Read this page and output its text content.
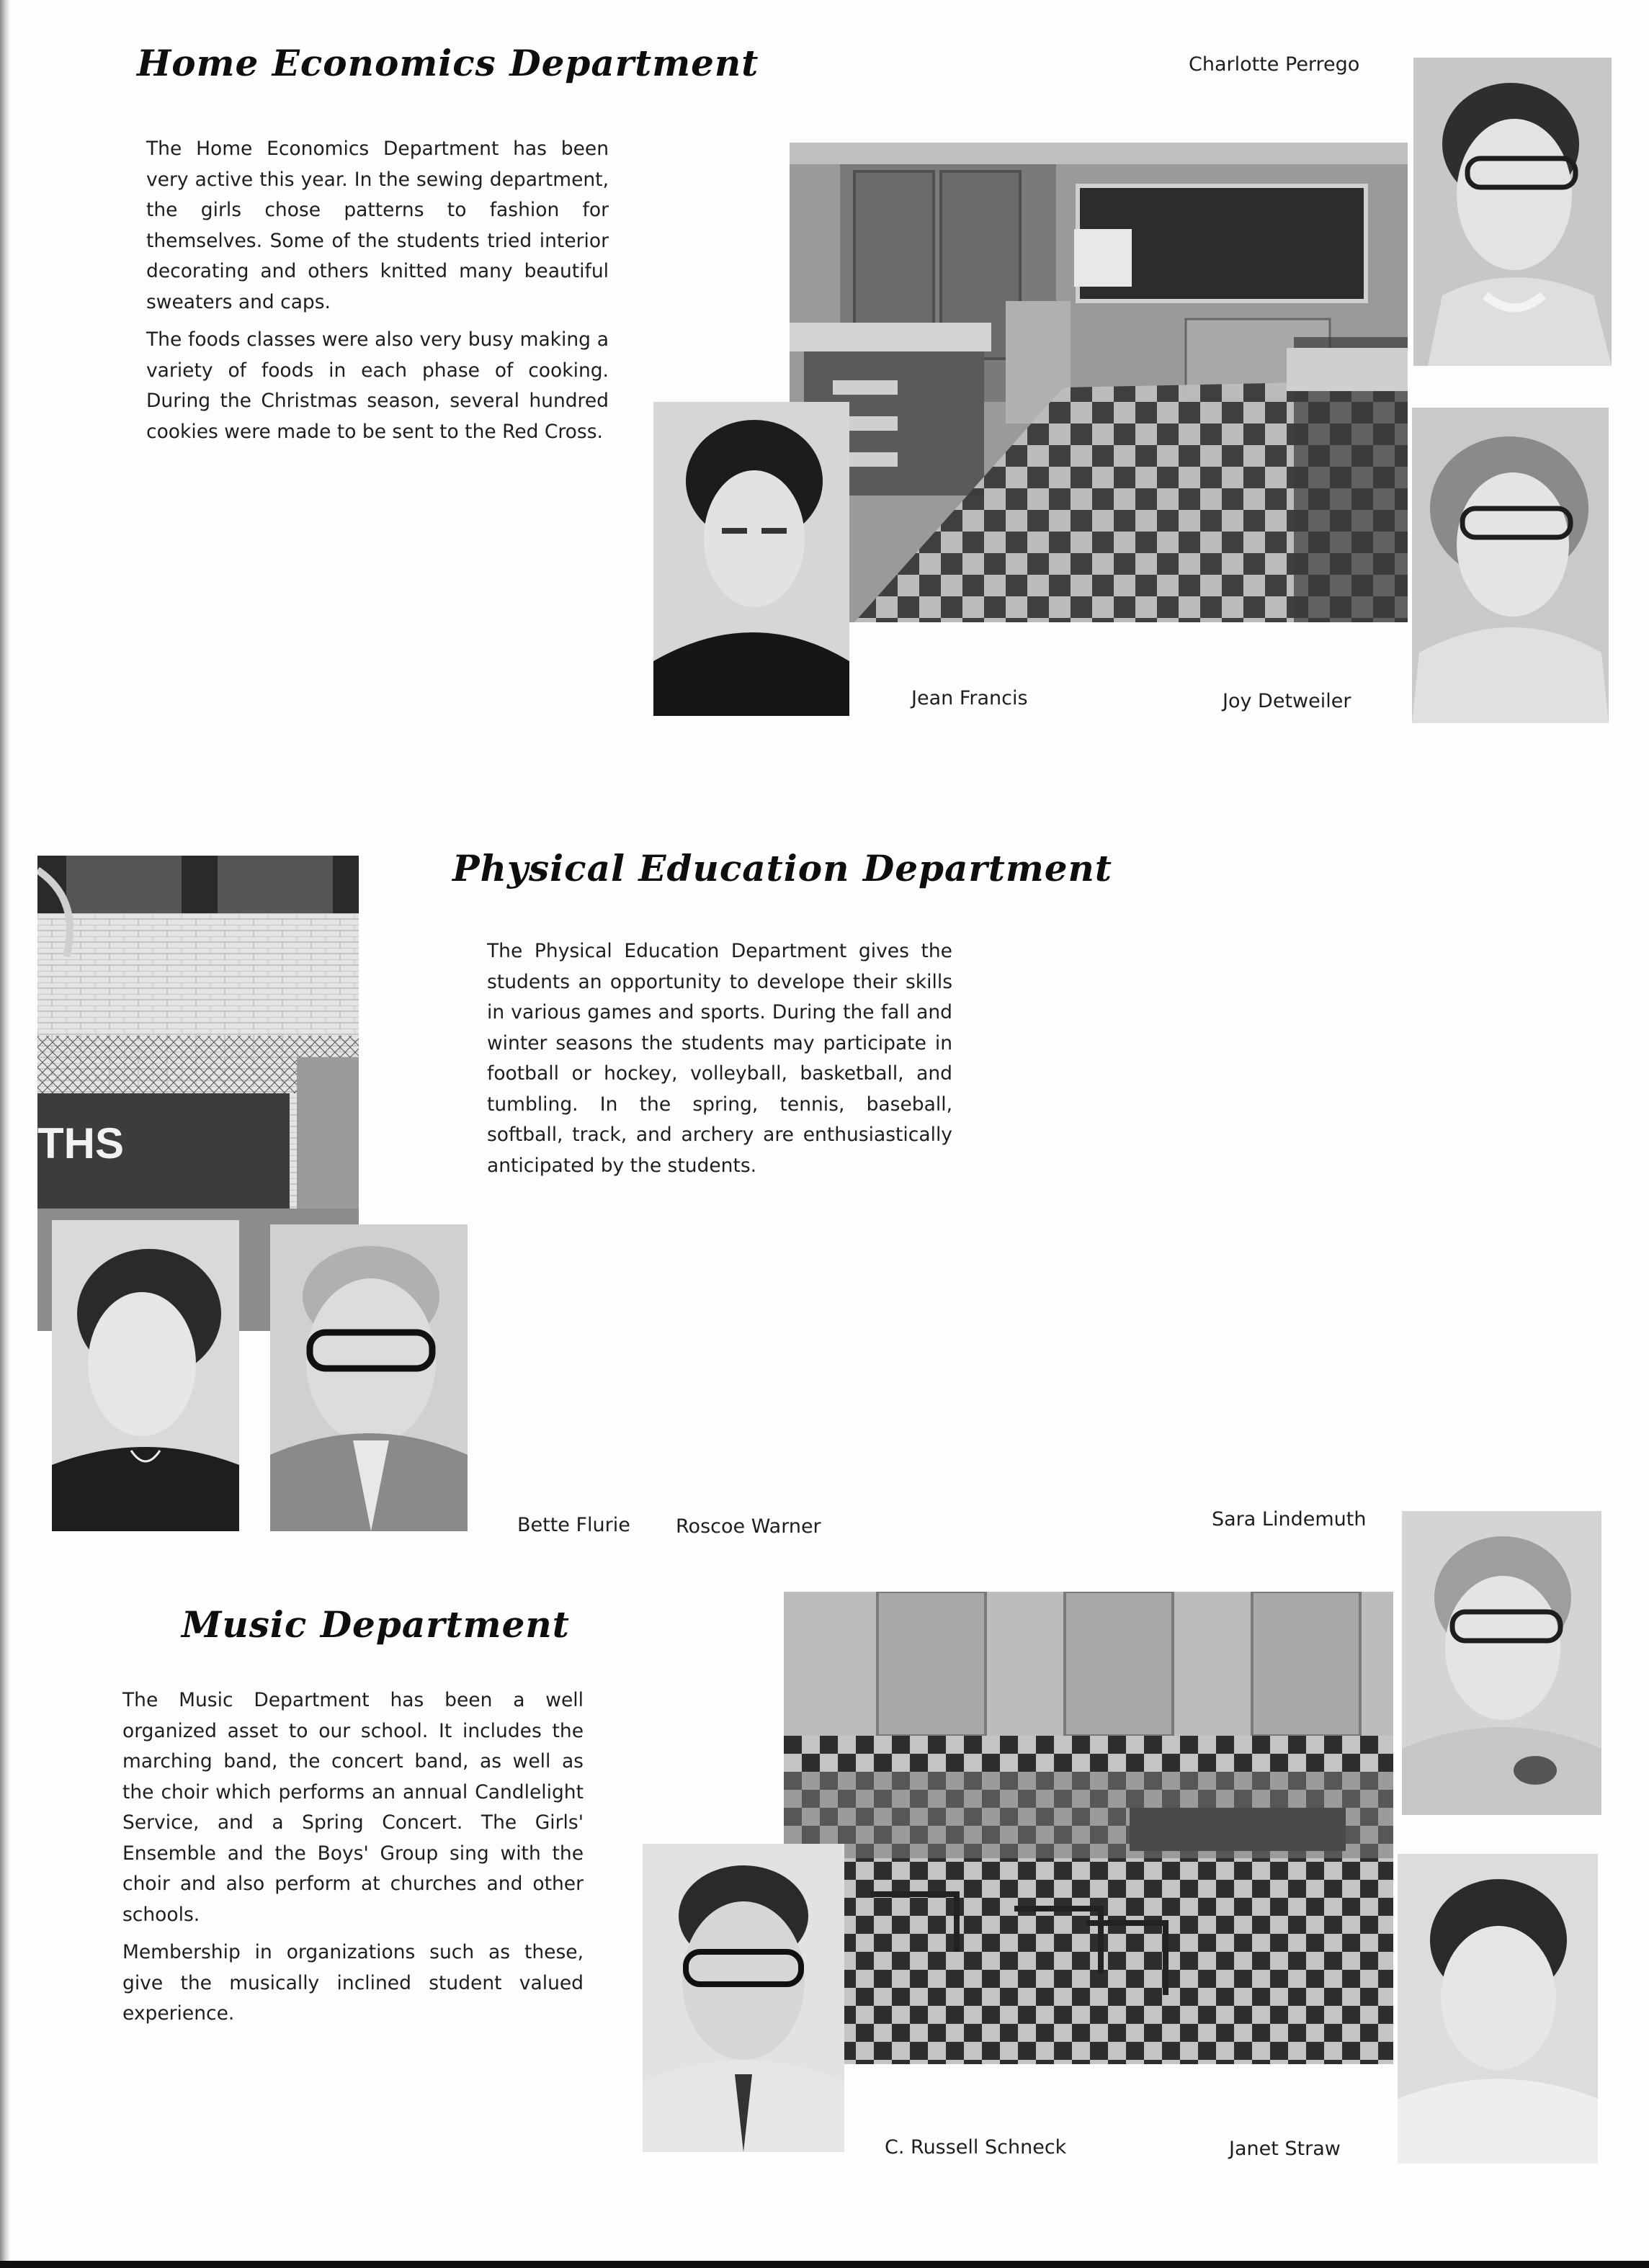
Home Economics Department

The Home Economics Department has been very active this year. In the sewing department, the girls chose patterns to fashion for themselves. Some of the students tried interior decorating and others knitted many beautiful sweaters and caps.

The foods classes were also very busy making a variety of foods in each phase of cooking. During the Christmas season, several hundred cookies were made to be sent to the Red Cross.

Charlotte Perrego

Jean Francis	Joy Detweiler

Physical Education Department

The Physical Education Department gives the students an opportunity to develope their skills in various games and sports. During the fall and winter seasons the students may participate in football or hockey, volleyball, basketball, and tumbling. In the spring, tennis, baseball, softball, track, and archery are enthusiastically anticipated by the students.

THS

Bette Flurie Roscoe Warner

Music Department

The Music Department has been a well organized asset to our school. It includes the marching band, the concert band, as well as the choir which performs an annual Candlelight Service, and a Spring Concert. The Girls' Ensemble and the Boys' Group sing with the choir and also perform at churches and other schools.

Membership in organizations such as these, give the musically inclined student valued experience.

Sara Lindemuth

C. Russell Schneck	Janet Straw
